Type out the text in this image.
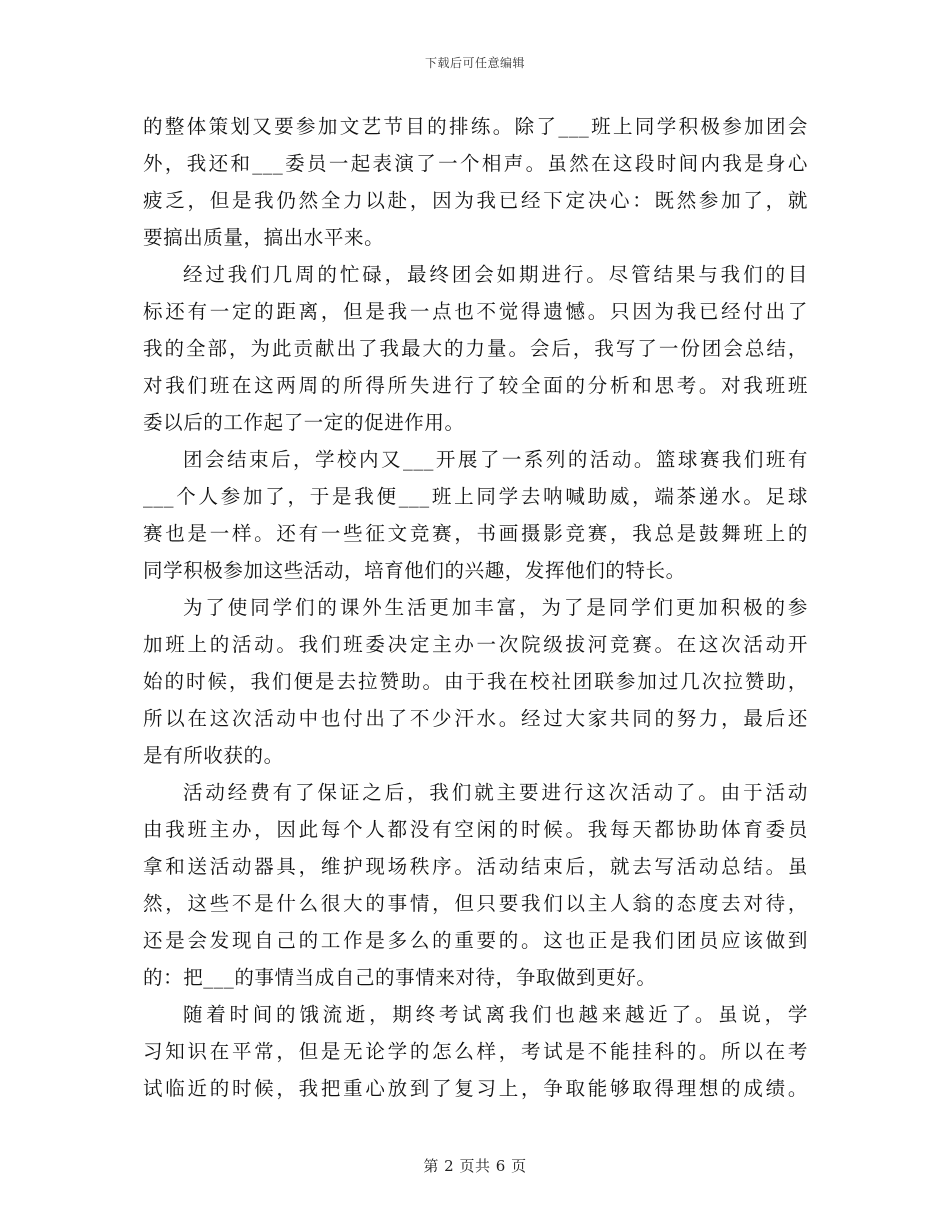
下载后可任意编辑
的整体策划又要参加文艺节目的排练。除了___班上同学积极参加团会
外，我还和___委员一起表演了一个相声。虽然在这段时间内我是身心
疲乏，但是我仍然全力以赴，因为我已经下定决心：既然参加了，就
要搞出质量，搞出水平来。
经过我们几周的忙碌，最终团会如期进行。尽管结果与我们的目
标还有一定的距离，但是我一点也不觉得遗憾。只因为我已经付出了
我的全部，为此贡献出了我最大的力量。会后，我写了一份团会总结，
对我们班在这两周的所得所失进行了较全面的分析和思考。对我班班
委以后的工作起了一定的促进作用。
团会结束后，学校内又___开展了一系列的活动。篮球赛我们班有
___个人参加了，于是我便___班上同学去呐喊助威，端茶递水。足球
赛也是一样。还有一些征文竞赛，书画摄影竞赛，我总是鼓舞班上的
同学积极参加这些活动，培育他们的兴趣，发挥他们的特长。
为了使同学们的课外生活更加丰富，为了是同学们更加积极的参
加班上的活动。我们班委决定主办一次院级拔河竞赛。在这次活动开
始的时候，我们便是去拉赞助。由于我在校社团联参加过几次拉赞助，
所以在这次活动中也付出了不少汗水。经过大家共同的努力，最后还
是有所收获的。
活动经费有了保证之后，我们就主要进行这次活动了。由于活动
由我班主办，因此每个人都没有空闲的时候。我每天都协助体育委员
拿和送活动器具，维护现场秩序。活动结束后，就去写活动总结。虽
然，这些不是什么很大的事情，但只要我们以主人翁的态度去对待，
还是会发现自己的工作是多么的重要的。这也正是我们团员应该做到
的：把___的事情当成自己的事情来对待，争取做到更好。
随着时间的饿流逝，期终考试离我们也越来越近了。虽说，学
习知识在平常，但是无论学的怎么样，考试是不能挂科的。所以在考
试临近的时候，我把重心放到了复习上，争取能够取得理想的成绩。
第 2 页共 6 页
